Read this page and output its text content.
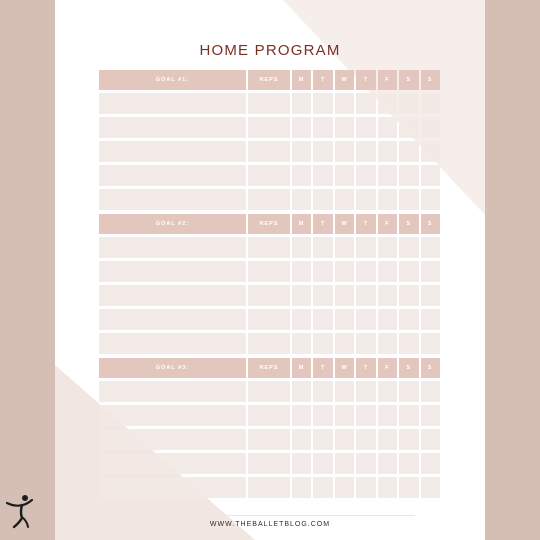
HOME PROGRAM
GOAL #1:	REPS	M	T	W	T	F	S	S
GOAL #2:	REPS	M	T	W	T	F	S	S
GOAL #3:	REPS	M	T	W	T	F	S	S
WWW.THEBALLETBLOG.COM
